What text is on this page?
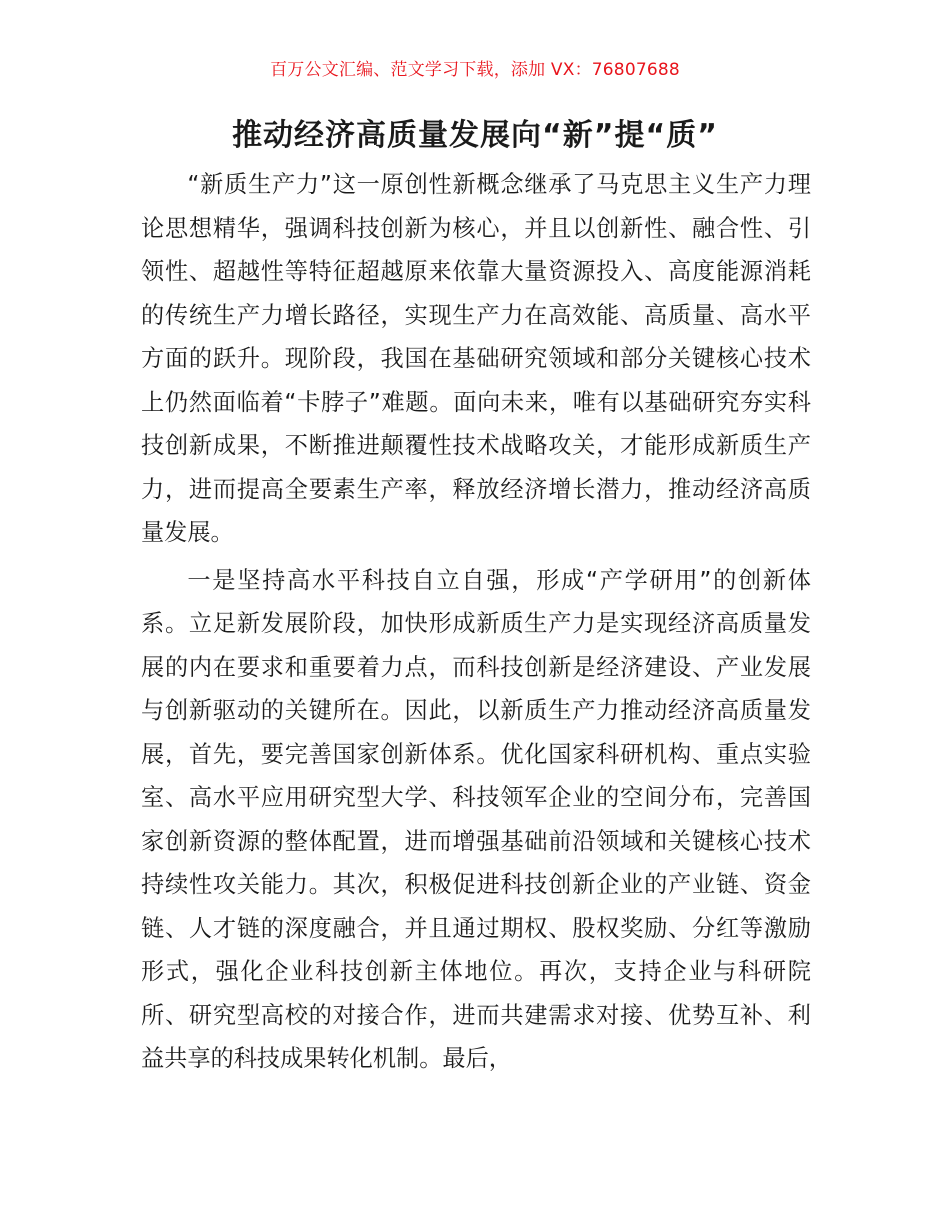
百万公文汇编、范文学习下载，添加 VX：76807688
推动经济高质量发展向“新”提“质”

“新质生产力”这一原创性新概念继承了马克思主义生产力理论思想精华，强调科技创新为核心，并且以创新性、融合性、引领性、超越性等特征超越原来依靠大量资源投入、高度能源消耗的传统生产力增长路径，实现生产力在高效能、高质量、高水平方面的跃升。现阶段，我国在基础研究领域和部分关键核心技术上仍然面临着“卡脖子”难题。面向未来，唯有以基础研究夯实科技创新成果，不断推进颠覆性技术战略攻关，才能形成新质生产力，进而提高全要素生产率，释放经济增长潜力，推动经济高质量发展。

一是坚持高水平科技自立自强，形成“产学研用”的创新体系。立足新发展阶段，加快形成新质生产力是实现经济高质量发展的内在要求和重要着力点，而科技创新是经济建设、产业发展与创新驱动的关键所在。因此，以新质生产力推动经济高质量发展，首先，要完善国家创新体系。优化国家科研机构、重点实验室、高水平应用研究型大学、科技领军企业的空间分布，完善国家创新资源的整体配置，进而增强基础前沿领域和关键核心技术持续性攻关能力。其次，积极促进科技创新企业的产业链、资金链、人才链的深度融合，并且通过期权、股权奖励、分红等激励形式，强化企业科技创新主体地位。再次，支持企业与科研院所、研究型高校的对接合作，进而共建需求对接、优势互补、利益共享的科技成果转化机制。最后，
